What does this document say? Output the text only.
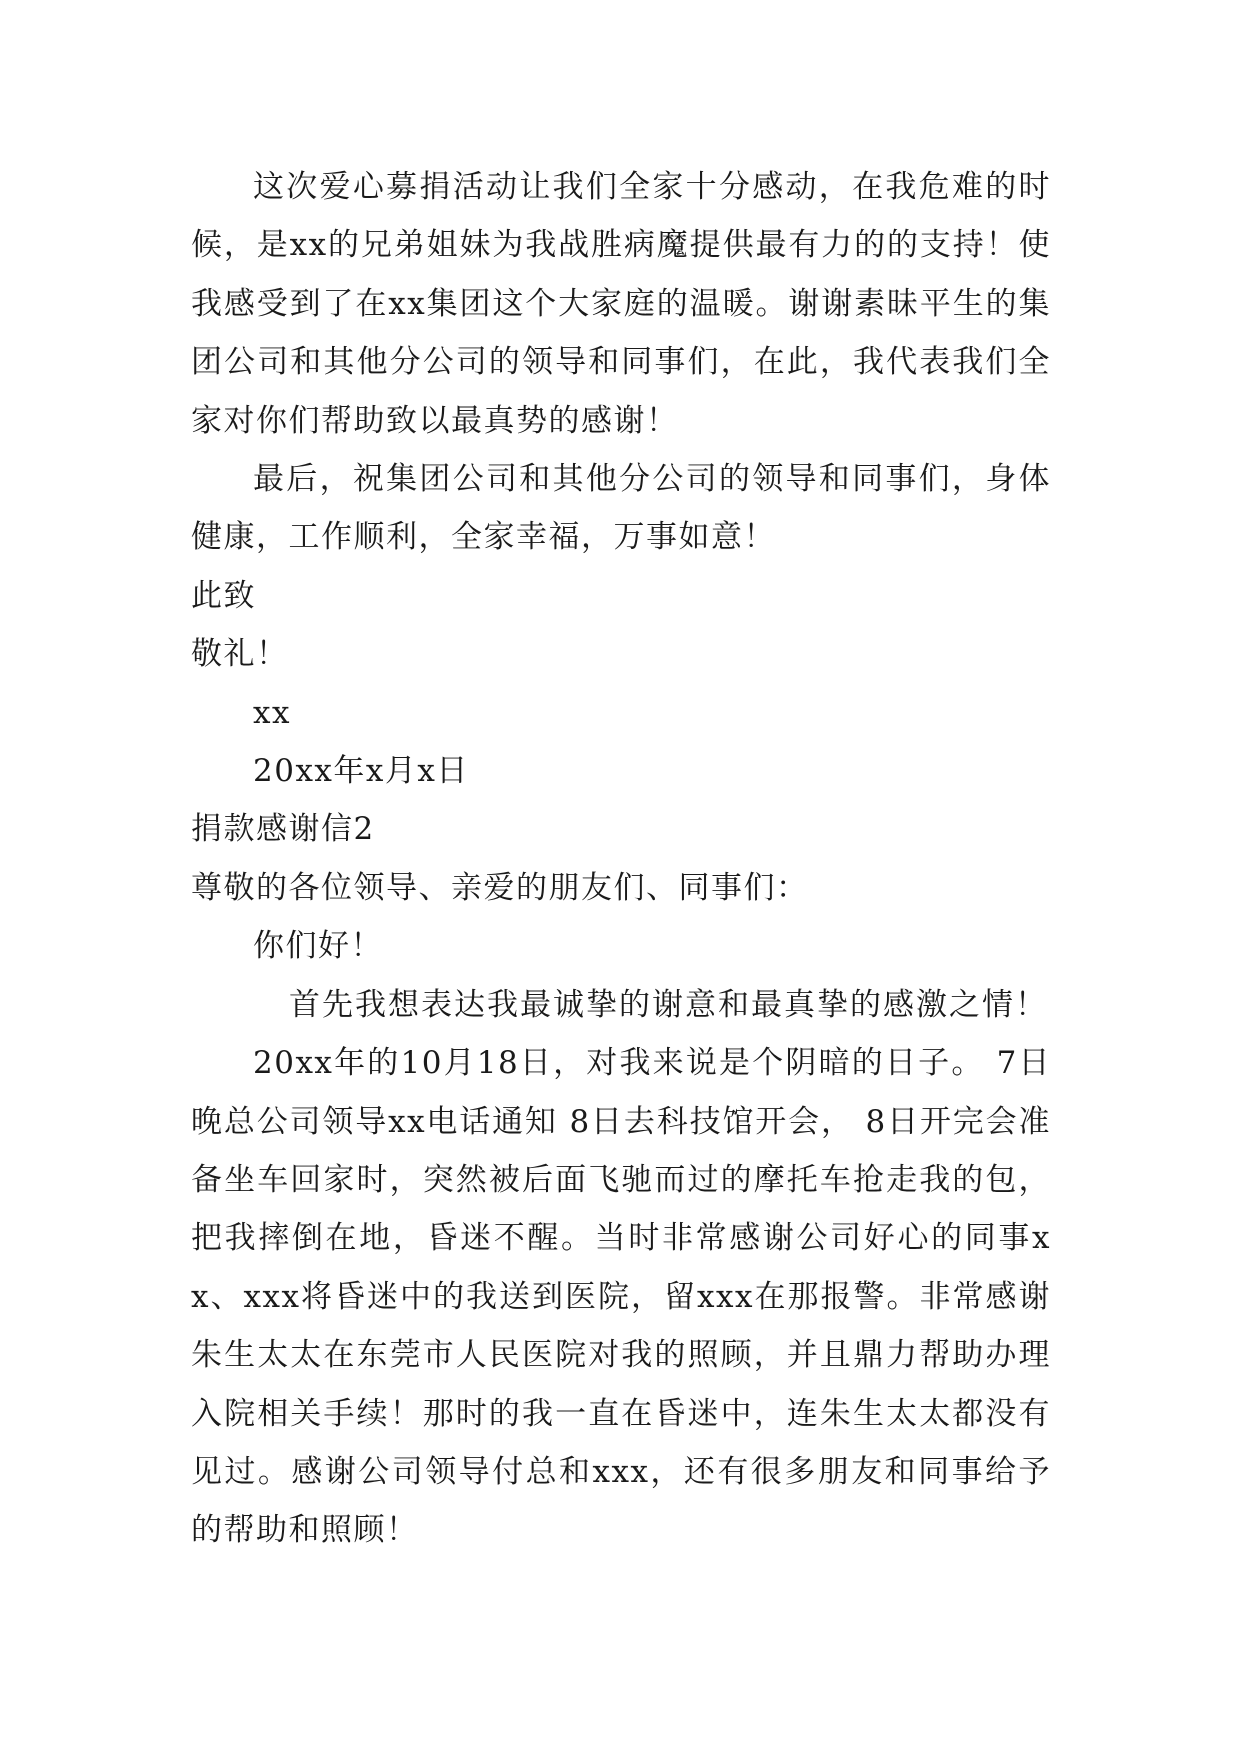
这次爱心募捐活动让我们全家十分感动，在我危难的时候，是xx的兄弟姐妹为我战胜病魔提供最有力的的支持！使我感受到了在xx集团这个大家庭的温暖。谢谢素昧平生的集团公司和其他分公司的领导和同事们，在此，我代表我们全家对你们帮助致以最真势的感谢！

最后，祝集团公司和其他分公司的领导和同事们，身体健康，工作顺利，全家幸福，万事如意！

此致

敬礼！

xx

20xx年x月x日

捐款感谢信2

尊敬的各位领导、亲爱的朋友们、同事们：

你们好！

首先我想表达我最诚挚的谢意和最真挚的感激之情！

20xx年的10月18日，对我来说是个阴暗的日子。 7日晚总公司领导xx电话通知 8日去科技馆开会， 8日开完会准备坐车回家时，突然被后面飞驰而过的摩托车抢走我的包，把我摔倒在地，昏迷不醒。当时非常感谢公司好心的同事xx、xxx将昏迷中的我送到医院，留xxx在那报警。非常感谢朱生太太在东莞市人民医院对我的照顾，并且鼎力帮助办理入院相关手续！那时的我一直在昏迷中，连朱生太太都没有见过。感谢公司领导付总和xxx，还有很多朋友和同事给予的帮助和照顾！
